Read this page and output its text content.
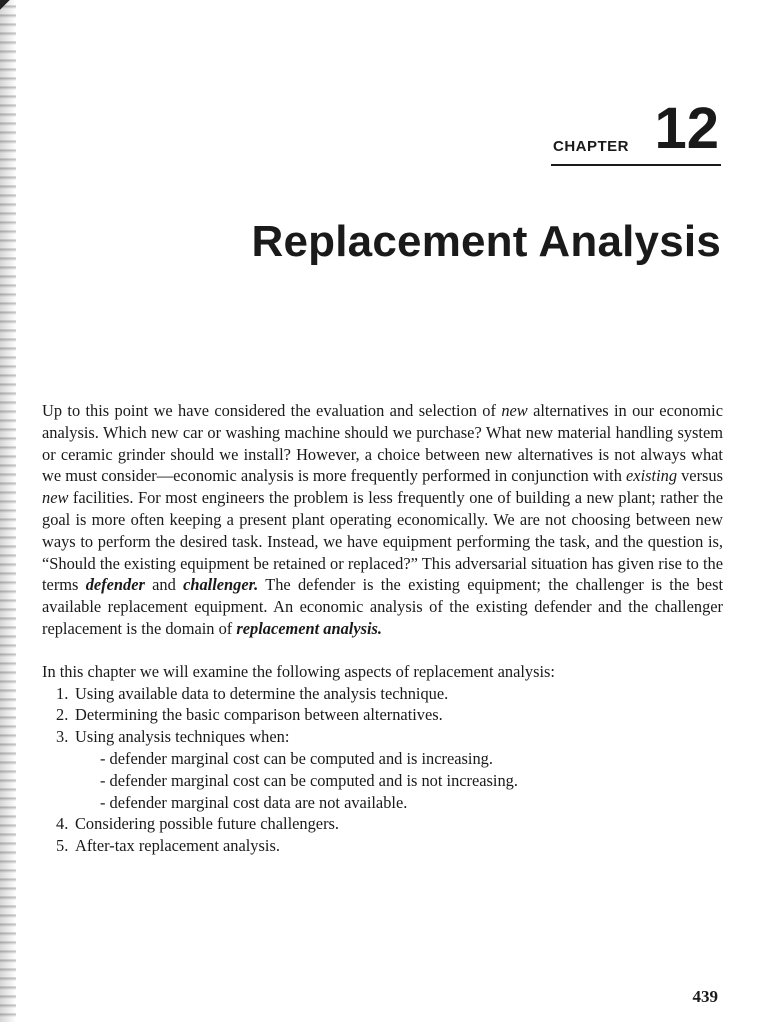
CHAPTER 12
Replacement Analysis

Up to this point we have considered the evaluation and selection of new alternatives in our economic analysis. Which new car or washing machine should we purchase? What new material handling system or ceramic grinder should we install? However, a choice between new alternatives is not always what we must consider—economic analysis is more frequently performed in conjunction with existing versus new facilities. For most engineers the problem is less frequently one of building a new plant; rather the goal is more often keeping a present plant operating economically. We are not choosing between new ways to perform the desired task. Instead, we have equipment performing the task, and the question is, “Should the existing equipment be retained or replaced?” This adversarial situation has given rise to the terms defender and challenger. The defender is the existing equipment; the challenger is the best available replacement equipment. An economic analysis of the existing defender and the challenger replacement is the domain of replacement analysis.

In this chapter we will examine the following aspects of replacement analysis:

1. Using available data to determine the analysis technique.
2. Determining the basic comparison between alternatives.
3. Using analysis techniques when:
- defender marginal cost can be computed and is increasing.
- defender marginal cost can be computed and is not increasing.
- defender marginal cost data are not available.
4. Considering possible future challengers.
5. After-tax replacement analysis.
439
